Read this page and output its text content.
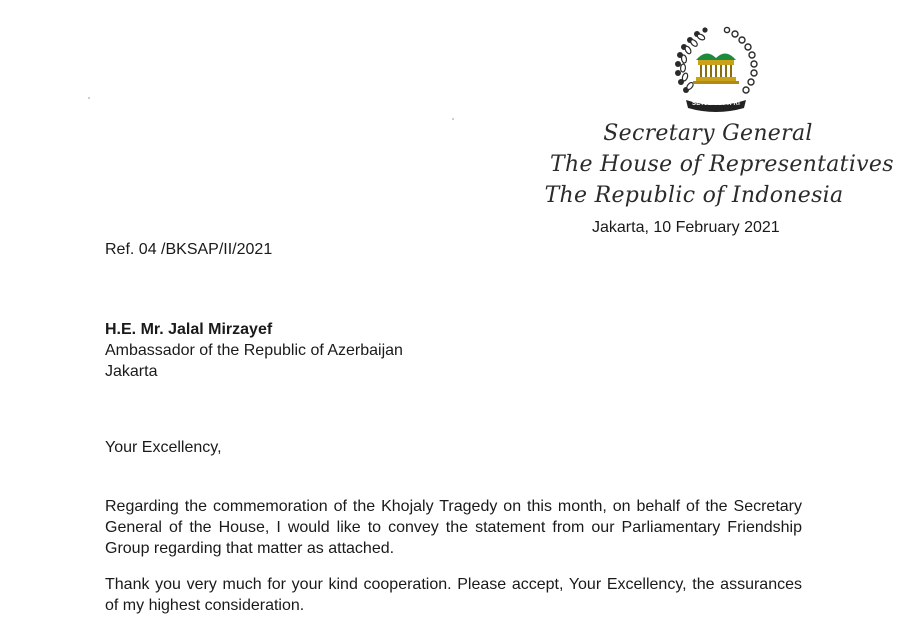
SETJEN DPR RI
Secretary General
The House of Representatives
The Republic of Indonesia
Jakarta, 10 February 2021
Ref. 04 /BKSAP/II/2021
H.E. Mr. Jalal Mirzayef
Ambassador of the Republic of Azerbaijan
Jakarta
Your Excellency,
Regarding the commemoration of the Khojaly Tragedy on this month, on behalf of the Secretary General of the House, I would like to convey the statement from our Parliamentary Friendship Group regarding that matter as attached.
Thank you very much for your kind cooperation. Please accept, Your Excellency, the assurances of my highest consideration.
